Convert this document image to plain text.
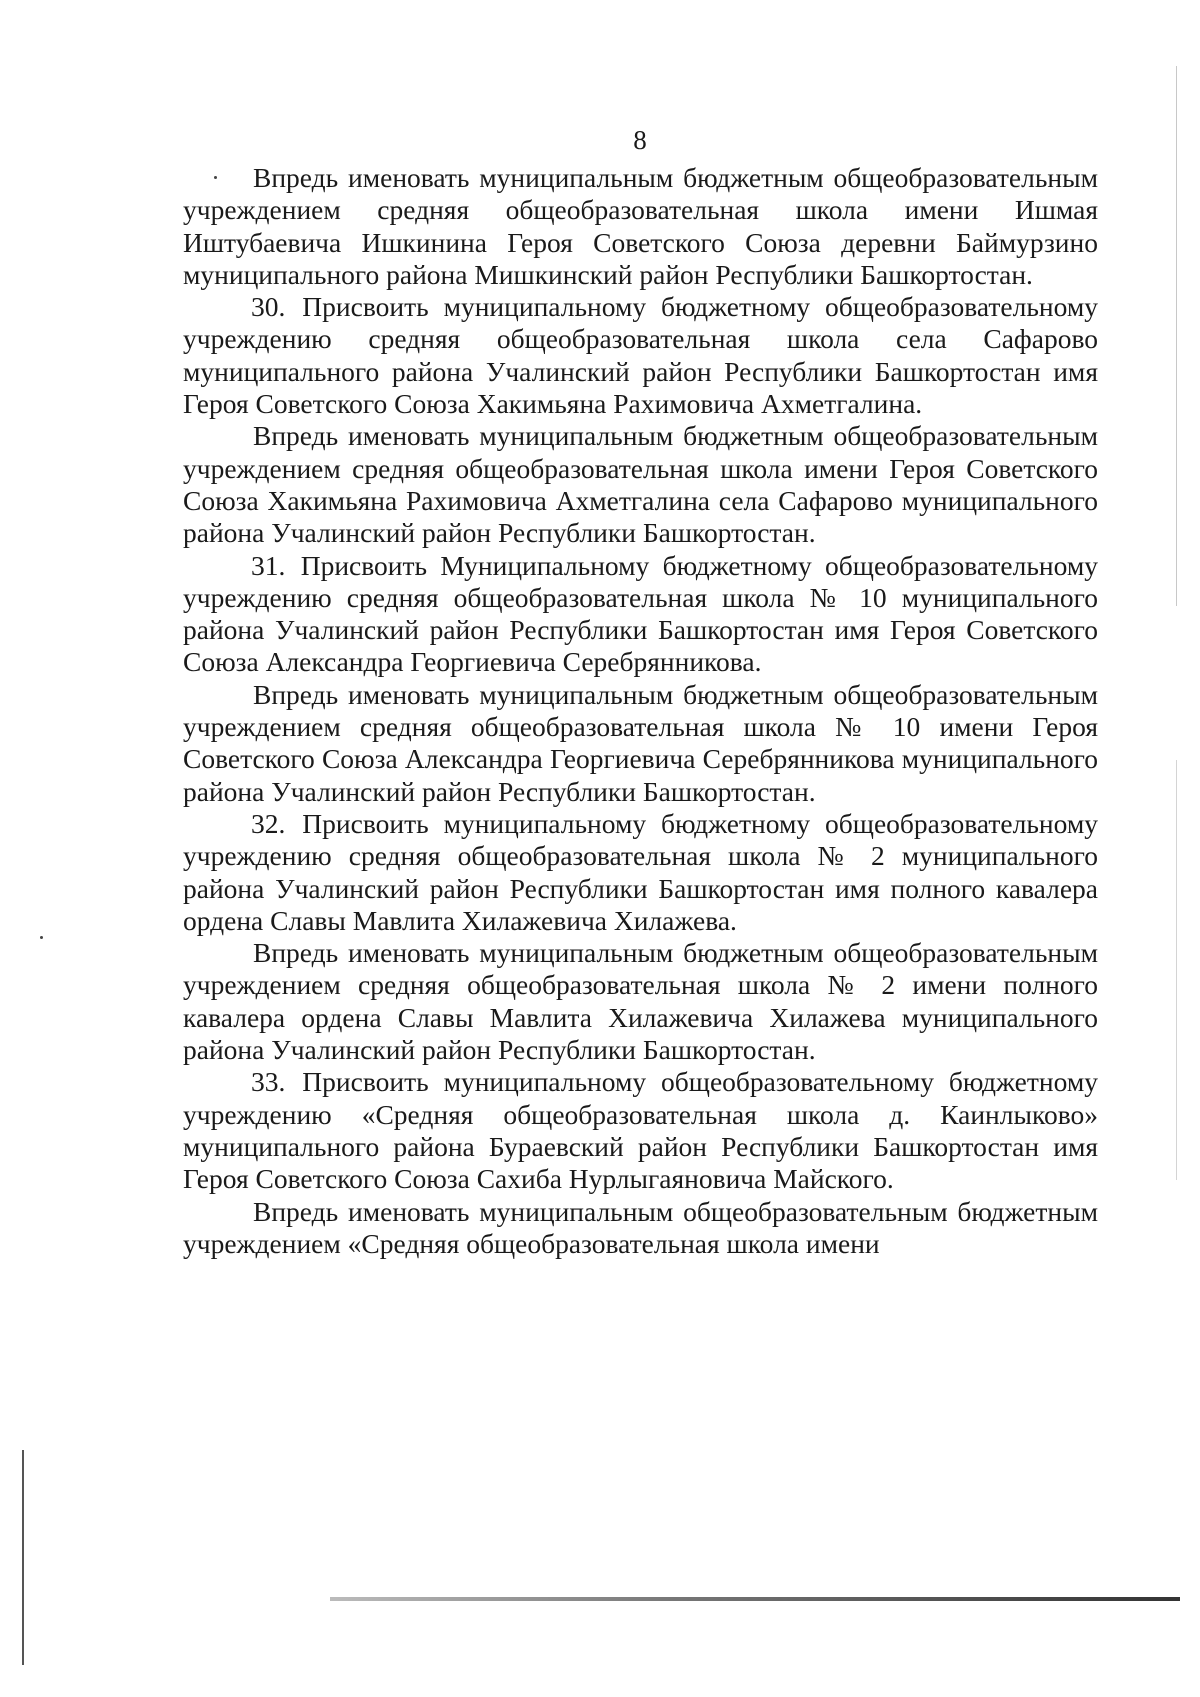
8

Впредь именовать муниципальным бюджетным общеобразовательным учреждением средняя общеобразовательная школа имени Ишмая Иштубаевича Ишкинина Героя Советского Союза деревни Баймурзино муниципального района Мишкинский район Республики Башкортостан.

30. Присвоить муниципальному бюджетному общеобразовательному учреждению средняя общеобразовательная школа села Сафарово муниципального района Учалинский район Республики Башкортостан имя Героя Советского Союза Хакимьяна Рахимовича Ахметгалина.

Впредь именовать муниципальным бюджетным общеобразовательным учреждением средняя общеобразовательная школа имени Героя Советского Союза Хакимьяна Рахимовича Ахметгалина села Сафарово муниципального района Учалинский район Республики Башкортостан.

31. Присвоить Муниципальному бюджетному общеобразовательному учреждению средняя общеобразовательная школа № 10 муниципального района Учалинский район Республики Башкортостан имя Героя Советского Союза Александра Георгиевича Серебрянникова.

Впредь именовать муниципальным бюджетным общеобразовательным учреждением средняя общеобразовательная школа № 10 имени Героя Советского Союза Александра Георгиевича Серебрянникова муниципального района Учалинский район Республики Башкортостан.

32. Присвоить муниципальному бюджетному общеобразовательному учреждению средняя общеобразовательная школа № 2 муниципального района Учалинский район Республики Башкортостан имя полного кавалера ордена Славы Мавлита Хилажевича Хилажева.

Впредь именовать муниципальным бюджетным общеобразовательным учреждением средняя общеобразовательная школа № 2 имени полного кавалера ордена Славы Мавлита Хилажевича Хилажева муниципального района Учалинский район Республики Башкортостан.

33. Присвоить муниципальному общеобразовательному бюджетному учреждению «Средняя общеобразовательная школа д. Каинлыково» муниципального района Бураевский район Республики Башкортостан имя Героя Советского Союза Сахиба Нурлыгаяновича Майского.

Впредь именовать муниципальным общеобразовательным бюджетным учреждением «Средняя общеобразовательная школа имени
